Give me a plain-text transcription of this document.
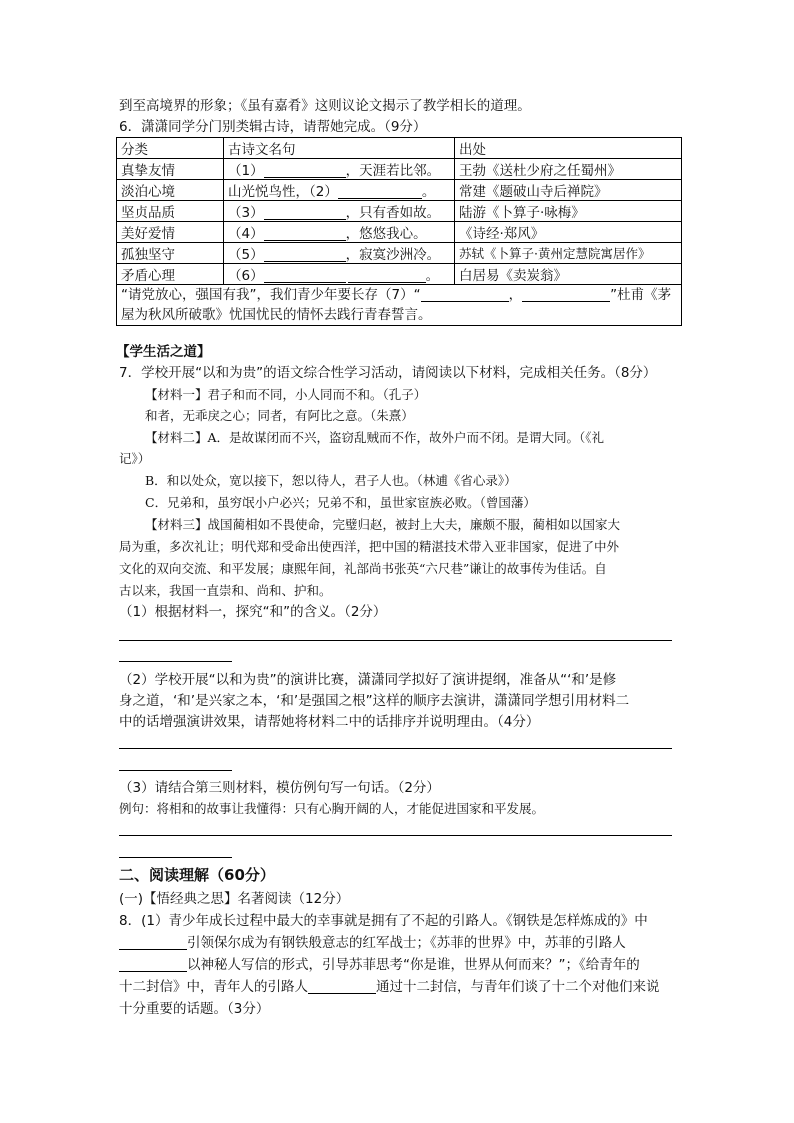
到至高境界的形象；《虽有嘉肴》这则议论文揭示了教学相长的道理。
6．潇潇同学分门别类辑古诗，请帮她完成。（9分）
分类	古诗文名句	出处
真挚友情	（1） ，天涯若比邻。	王勃《送杜少府之任蜀州》
淡泊心境	山光悦鸟性，（2） 。	常建《题破山寺后禅院》
坚贞品质	（3） ，只有香如故。	陆游《卜算子·咏梅》
美好爱情	（4） ，悠悠我心。	《诗经·郑风》
孤独坚守	（5） ，寂寞沙洲冷。	苏轼《卜算子·黄州定慧院寓居作》
矛盾心理	（6） 。	白居易《卖炭翁》
“请党放心，强国有我”，我们青少年要长存（7）“ ， ”杜甫《茅屋为秋风所破歌》忧国忧民的情怀去践行青春誓言。		
【学生活之道】
7．学校开展“以和为贵”的语文综合性学习活动，请阅读以下材料，完成相关任务。（8分）
【材料一】君子和而不同，小人同而不和。（孔子）
和者，无乖戾之心；同者，有阿比之意。（朱熹）
【材料二】A．是故谋闭而不兴，盗窃乱贼而不作，故外户而不闭。是谓大同。（《礼
记》）
B．和以处众，宽以接下，恕以待人，君子人也。（林逋《省心录》）
C．兄弟和，虽穷氓小户必兴；兄弟不和，虽世家宦族必败。（曾国藩）
【材料三】战国蔺相如不畏使命，完璧归赵，被封上大夫，廉颇不服，蔺相如以国家大
局为重，多次礼让；明代郑和受命出使西洋，把中国的精湛技术带入亚非国家，促进了中外
文化的双向交流、和平发展；康熙年间，礼部尚书张英“六尺巷”谦让的故事传为佳话。自
古以来，我国一直崇和、尚和、护和。
（1）根据材料一，探究“和”的含义。（2分）
（2）学校开展“以和为贵”的演讲比赛，潇潇同学拟好了演讲提纲，准备从“‘和’是修
身之道，‘和’是兴家之本，‘和’是强国之根”这样的顺序去演讲，潇潇同学想引用材料二
中的话增强演讲效果，请帮她将材料二中的话排序并说明理由。（4分）
（3）请结合第三则材料，模仿例句写一句话。（2分）
例句：将相和的故事让我懂得：只有心胸开阔的人，才能促进国家和平发展。
二、阅读理解（60分）
(一)【悟经典之思】名著阅读（12分）
8．(1）青少年成长过程中最大的幸事就是拥有了不起的引路人。《钢铁是怎样炼成的》中
引领保尔成为有钢铁般意志的红军战士；《苏菲的世界》中，苏菲的引路人
以神秘人写信的形式，引导苏菲思考“你是谁，世界从何而来？”；《给青年的
十二封信》中，青年人的引路人	通过十二封信，与青年们谈了十二个对他们来说
十分重要的话题。（3分）
